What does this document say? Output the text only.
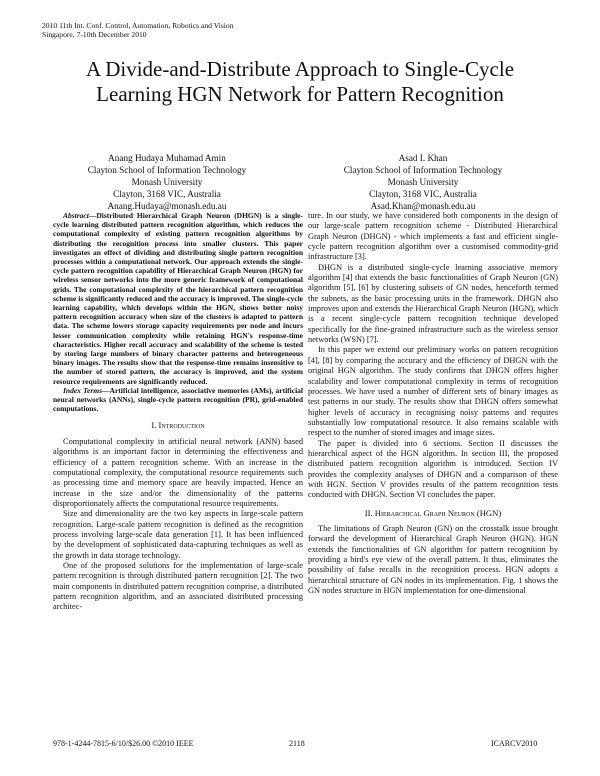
2010 11th Int. Conf. Control, Automation, Robotics and Vision
Singapore, 7-10th December 2010
A Divide-and-Distribute Approach to Single-Cycle
Learning HGN Network for Pattern Recognition
Anang Hudaya Muhamad Amin
Clayton School of Information Technology
Monash University
Clayton, 3168 VIC, Australia
Anang.Hudaya@monash.edu.au
Asad I. Khan
Clayton School of Information Technology
Monash University
Clayton, 3168 VIC, Australia
Asad.Khan@monash.edu.au

Abstract—Distributed Hierarchical Graph Neuron (DHGN) is a single-cycle learning distributed pattern recognition algorithm, which reduces the computational complexity of existing pattern recognition algorithms by distributing the recognition process into smaller clusters. This paper investigates an effect of dividing and distributing single pattern recognition processes within a computational network. Our approach extends the single-cycle pattern recognition capability of Hierarchical Graph Neuron (HGN) for wireless sensor networks into the more generic framework of computational grids. The computational complexity of the hierarchical pattern recognition scheme is significantly reduced and the accuracy is improved. The single-cycle learning capability, which develops within the HGN, shows better noisy pattern recognition accuracy when size of the clusters is adapted to pattern data. The scheme lowers storage capacity requirements per node and incurs lesser communication complexity while retaining HGN's response-time characteristics. Higher recall accuracy and scalability of the scheme is tested by storing large numbers of binary character patterns and heterogeneous binary images. The results show that the response-time remains insensitive to the number of stored pattern, the accuracy is improved, and the system resource requirements are significantly reduced.

Index Terms—Artificial intelligence, associative memories (AMs), artificial neural networks (ANNs), single-cycle pattern recognition (PR), grid-enabled computations.

I. Introduction

Computational complexity in artificial neural network (ANN) based algorithms is an important factor in determining the effectiveness and efficiency of a pattern recognition scheme. With an increase in the computational complexity, the computational resource requirements such as processing time and memory space are heavily impacted. Hence an increase in the size and/or the dimensionality of the patterns disproportionately affects the computational resource requirements.

Size and dimensionality are the two key aspects in large-scale pattern recognition. Large-scale pattern recognition is defined as the recognition process involving large-scale data generation [1]. It has been influenced by the development of sophisticated data-capturing techniques as well as the growth in data storage technology.

One of the proposed solutions for the implementation of large-scale pattern recognition is through distributed pattern recognition [2]. The two main components in distributed pattern recognition comprise, a distributed pattern recognition algorithm, and an associated distributed processing architec-

ture. In our study, we have considered both components in the design of our large-scale pattern recognition scheme - Distributed Hierarchical Graph Neuron (DHGN) - which implements a fast and efficient single-cycle pattern recognition algorithm over a customised commodity-grid infrastructure [3].

DHGN is a distributed single-cycle learning associative memory algorithm [4] that extends the basic functionalities of Graph Neuron (GN) algorithm [5], [6] by clustering subsets of GN nodes, henceforth termed the subnets, as the basic processing units in the framework. DHGN also improves upon and extends the Hierarchical Graph Neuron (HGN), which is a recent single-cycle pattern recognition technique developed specifically for the fine-grained infrastructure such as the wireless sensor networks (WSN) [7].

In this paper we extend our preliminary works on pattern recognition [4], [8] by comparing the accuracy and the efficiency of DHGN with the original HGN algorithm. The study confirms that DHGN offers higher scalability and lower computational complexity in terms of recognition processes. We have used a number of different sets of binary images as test patterns in our study. The results show that DHGN offers somewhat higher levels of accuracy in recognising noisy patterns and requires substantially low computational resource. It also remains scalable with respect to the number of stored images and image sizes.

The paper is divided into 6 sections. Section II discusses the hierarchical aspect of the HGN algorithm. In section III, the proposed distributed pattern recognition algorithm is introduced. Section IV provides the complexity analyses of DHGN and a comparison of these with HGN. Section V provides results of the pattern recognition tests conducted with DHGN. Section VI concludes the paper.

II. Hierarchical Graph Neuron (HGN)

The limitations of Graph Neuron (GN) on the crosstalk issue brought forward the development of Hierarchical Graph Neuron (HGN). HGN extends the functionalities of GN algorithm for pattern recognition by providing a bird's eye view of the overall pattern. It thus, eliminates the possibility of false recalls in the recognition process. HGN adopts a hierarchical structure of GN nodes in its implementation. Fig. 1 shows the GN nodes structure in HGN implementation for one-dimensional

978-1-4244-7815-6/10/$26.00 ©2010 IEEE	2118	ICARCV2010
